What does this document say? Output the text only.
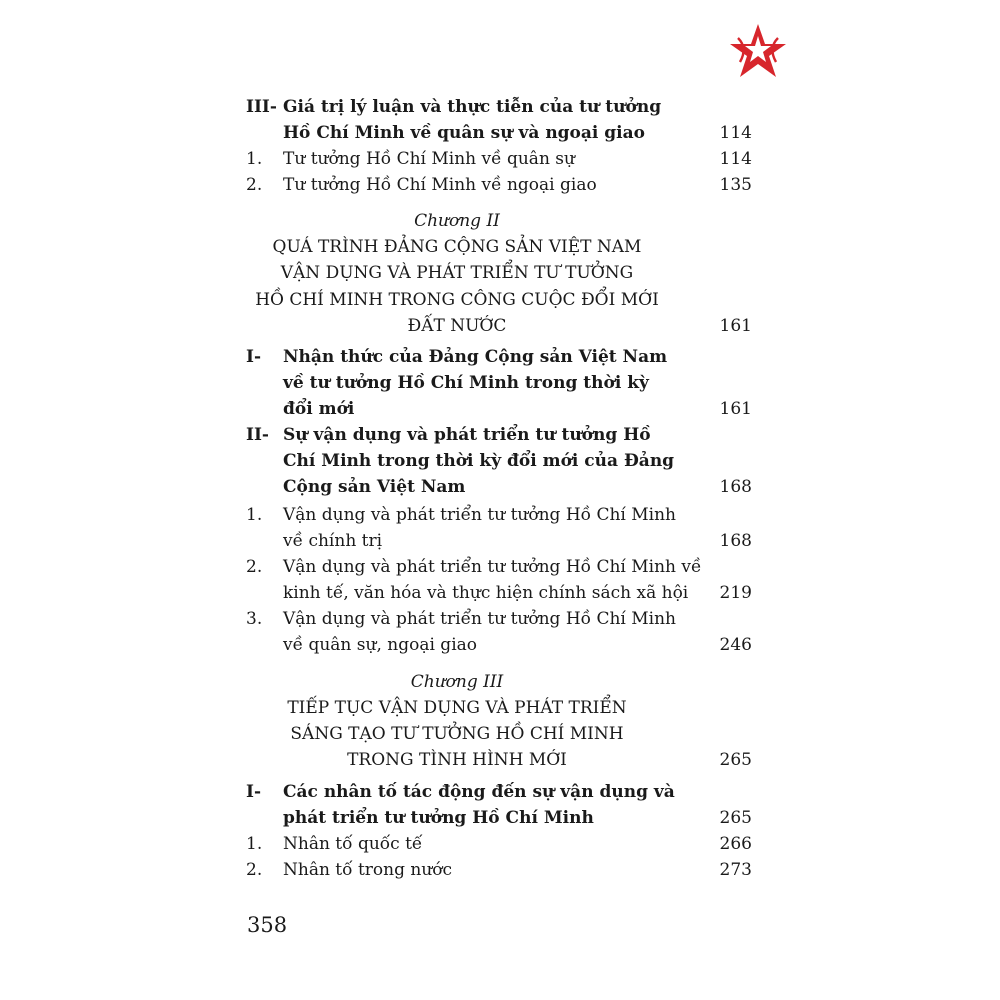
III- Giá trị lý luận và thực tiễn của tư tưởng
Hồ Chí Minh về quân sự và ngoại giao	114
1. Tư tưởng Hồ Chí Minh về quân sự	114
2. Tư tưởng Hồ Chí Minh về ngoại giao	135
Chương II
QUÁ TRÌNH ĐẢNG CỘNG SẢN VIỆT NAM
VẬN DỤNG VÀ PHÁT TRIỂN TƯ TƯỞNG
HỒ CHÍ MINH TRONG CÔNG CUỘC ĐỔI MỚI
ĐẤT NƯỚC	161
I- Nhận thức của Đảng Cộng sản Việt Nam
về tư tưởng Hồ Chí Minh trong thời kỳ
đổi mới	161
II- Sự vận dụng và phát triển tư tưởng Hồ
Chí Minh trong thời kỳ đổi mới của Đảng
Cộng sản Việt Nam	168
1. Vận dụng và phát triển tư tưởng Hồ Chí Minh
về chính trị	168
2. Vận dụng và phát triển tư tưởng Hồ Chí Minh về
kinh tế, văn hóa và thực hiện chính sách xã hội 219
3. Vận dụng và phát triển tư tưởng Hồ Chí Minh
về quân sự, ngoại giao	246
Chương III
TIẾP TỤC VẬN DỤNG VÀ PHÁT TRIỂN
SÁNG TẠO TƯ TƯỞNG HỒ CHÍ MINH
TRONG TÌNH HÌNH MỚI	265
I- Các nhân tố tác động đến sự vận dụng và
phát triển tư tưởng Hồ Chí Minh	265
1. Nhân tố quốc tế	266
2. Nhân tố trong nước	273
358
